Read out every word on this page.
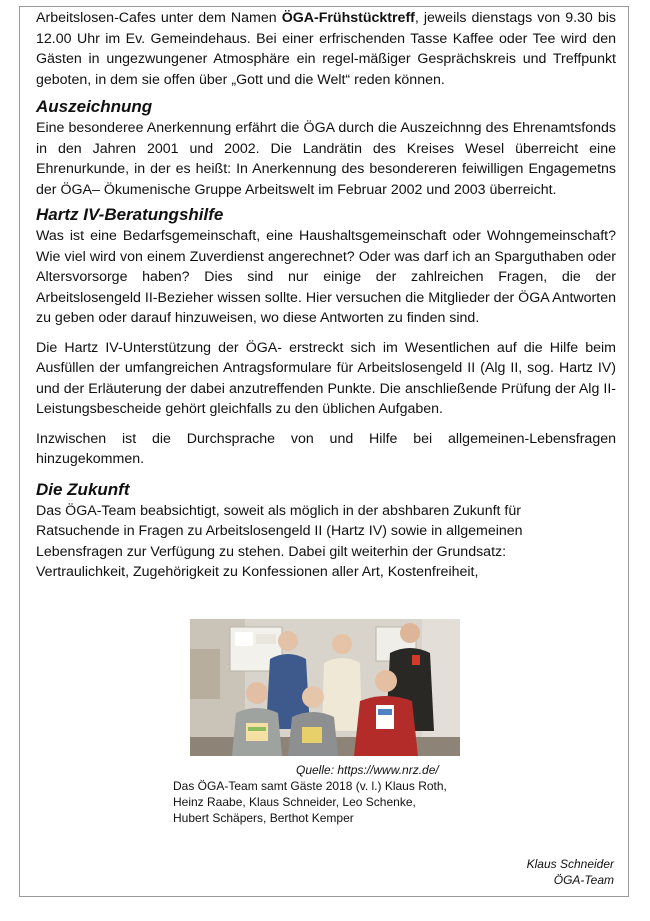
Arbeitslosen-Cafes unter dem Namen ÖGA-Frühstücktreff, jeweils dienstags von 9.30 bis 12.00 Uhr im Ev. Gemeindehaus. Bei einer erfrischenden Tasse Kaffee oder Tee wird den Gästen in ungezwungener Atmosphäre ein regel-mäßiger Gesprächskreis und Treffpunkt geboten, in dem sie offen über „Gott und die Welt“ reden können.

Auszeichnung

Eine besonderee Anerkennung erfährt die ÖGA durch die Auszeichnng des Ehrenamtsfonds in den Jahren 2001 und 2002. Die Landrätin des Kreises Wesel überreicht eine Ehrenurkunde, in der es heißt: In Anerkennung des besondereren feiwilligen Engagemetns der ÖGA– Ökumenische Gruppe Arbeitswelt im Februar 2002 und 2003 überreicht.

Hartz IV-Beratungshilfe

Was ist eine Bedarfsgemeinschaft, eine Haushaltsgemeinschaft oder Wohngemeinschaft? Wie viel wird von einem Zuverdienst angerechnet? Oder was darf ich an Sparguthaben oder Altersvorsorge haben? Dies sind nur einige der zahlreichen Fragen, die der Arbeitslosengeld II-Bezieher wissen sollte. Hier versuchen die Mitglieder der ÖGA Antworten zu geben oder darauf hinzuweisen, wo diese Antworten zu finden sind.

Die Hartz IV-Unterstützung der ÖGA- erstreckt sich im Wesentlichen auf die Hilfe beim Ausfüllen der umfangreichen Antragsformulare für Arbeitslosengeld II (Alg II, sog. Hartz IV) und der Erläuterung der dabei anzutreffenden Punkte. Die anschließende Prüfung der Alg II-Leistungsbescheide gehört gleichfalls zu den üblichen Aufgaben.

Inzwischen ist die Durchsprache von und Hilfe bei allgemeinen-Lebensfragen hinzugekommen.

Die Zukunft
Das ÖGA-Team beabsichtigt, soweit als möglich in der abshbaren Zukunft für
Ratsuchende in Fragen zu Arbeitslosengeld II (Hartz IV) sowie in allgemeinen
Lebensfragen zur Verfügung zu stehen. Dabei gilt weiterhin der Grundsatz:
Vertraulichkeit, Zugehörigkeit zu Konfessionen aller Art, Kostenfreiheit,
Quelle: https://www.nrz.de/
Das ÖGA-Team samt Gäste 2018 (v. l.) Klaus Roth,
Heinz Raabe, Klaus Schneider, Leo Schenke,
Hubert Schäpers, Berthot Kemper
Klaus Schneider
ÖGA-Team
